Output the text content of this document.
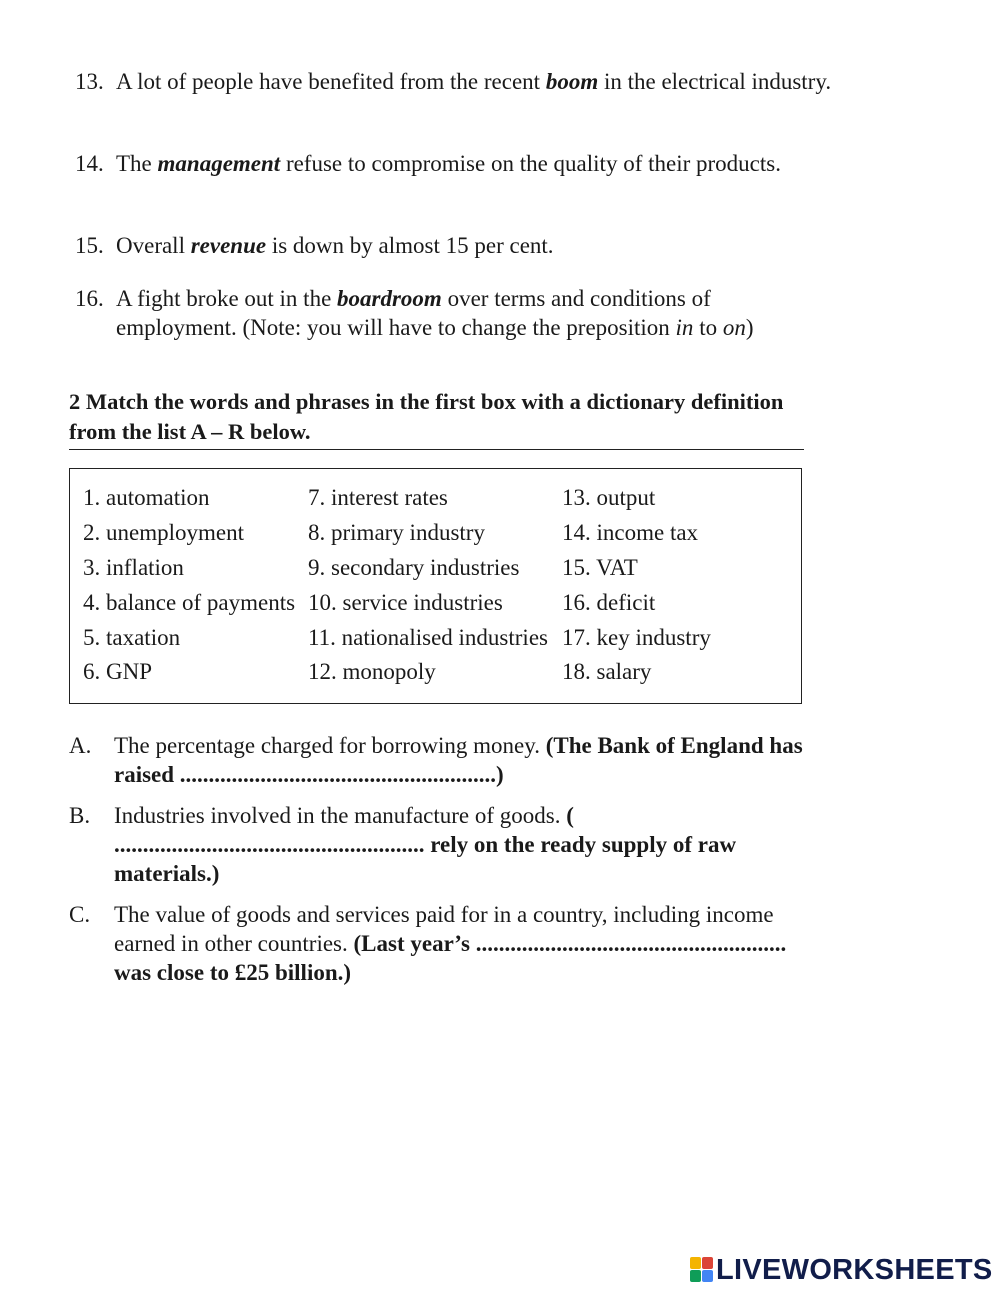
13. A lot of people have benefited from the recent boom in the electrical industry.
14. The management refuse to compromise on the quality of their products.
15. Overall revenue is down by almost 15 per cent.
16. A fight broke out in the boardroom over terms and conditions of employment. (Note: you will have to change the preposition in to on)
2 Match the words and phrases in the first box with a dictionary definition from the list A – R below.
1. automation
2. unemployment
3. inflation
4. balance of payments
5. taxation
6. GNP
7. interest rates
8. primary industry
9. secondary industries
10. service industries
11. nationalised industries
12. monopoly
13. output
14. income tax
15. VAT
16. deficit
17. key industry
18. salary
A. The percentage charged for borrowing money. (The Bank of England has raised .......................................................)
B. Industries involved in the manufacture of goods. ( ...................................................... rely on the ready supply of raw materials.)
C. The value of goods and services paid for in a country, including income earned in other countries. (Last year’s ...................................................... was close to £25 billion.)
LIVEWORKSHEETS
